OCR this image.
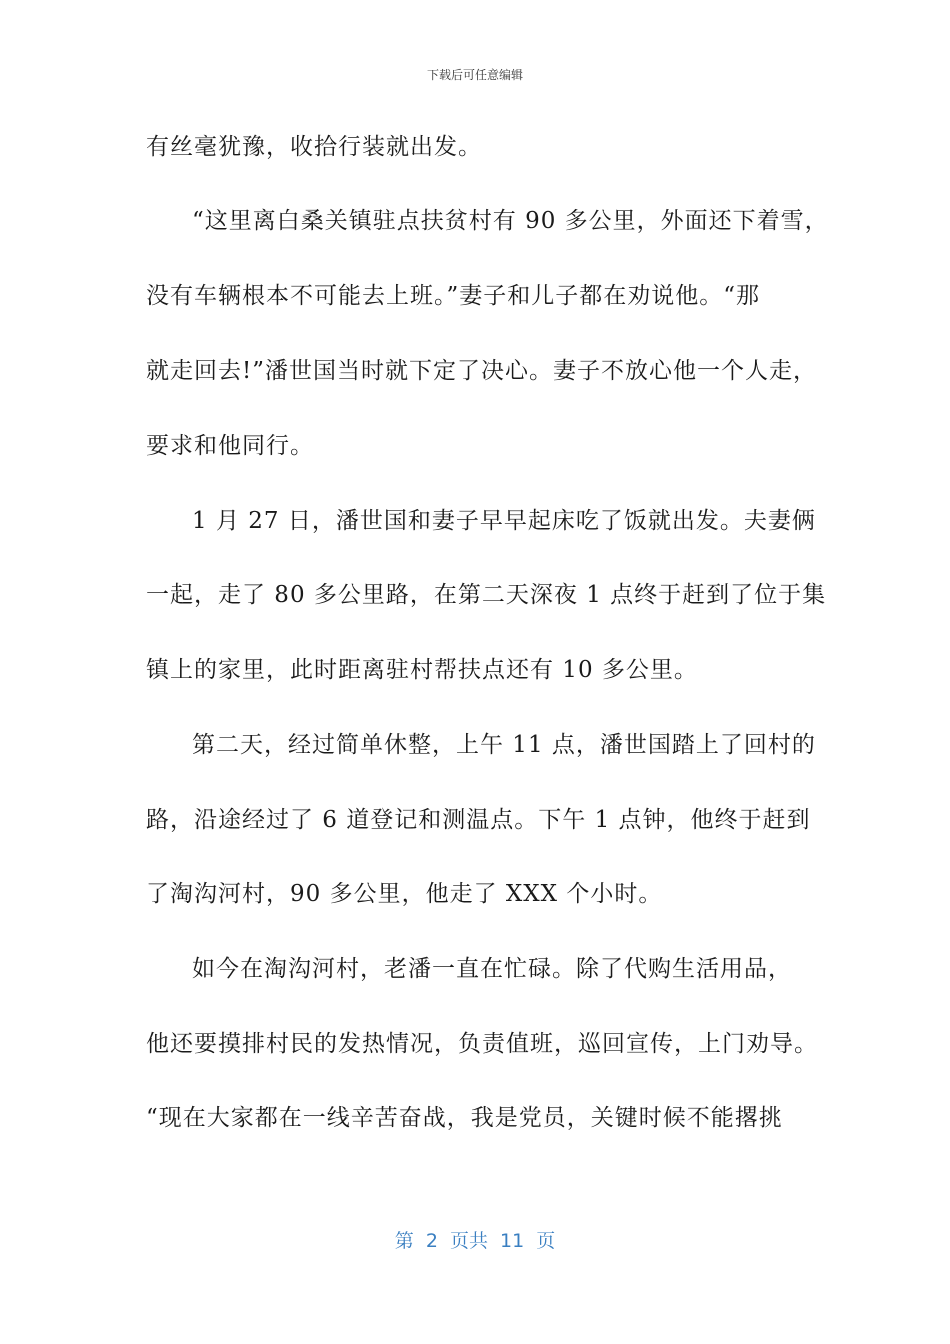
下载后可任意编辑
有丝毫犹豫，收拾行装就出发。
“这里离白桑关镇驻点扶贫村有 90 多公里，外面还下着雪，
没有车辆根本不可能去上班。”妻子和儿子都在劝说他。“那
就走回去!”潘世国当时就下定了决心。妻子不放心他一个人走，
要求和他同行。
1 月 27 日，潘世国和妻子早早起床吃了饭就出发。夫妻俩
一起，走了 80 多公里路，在第二天深夜 1 点终于赶到了位于集
镇上的家里，此时距离驻村帮扶点还有 10 多公里。
第二天，经过简单休整，上午 11 点，潘世国踏上了回村的
路，沿途经过了 6 道登记和测温点。下午 1 点钟，他终于赶到
了淘沟河村，90 多公里，他走了 XXX 个小时。
如今在淘沟河村，老潘一直在忙碌。除了代购生活用品，
他还要摸排村民的发热情况，负责值班，巡回宣传，上门劝导。
“现在大家都在一线辛苦奋战，我是党员，关键时候不能撂挑
第 2 页共 11 页
